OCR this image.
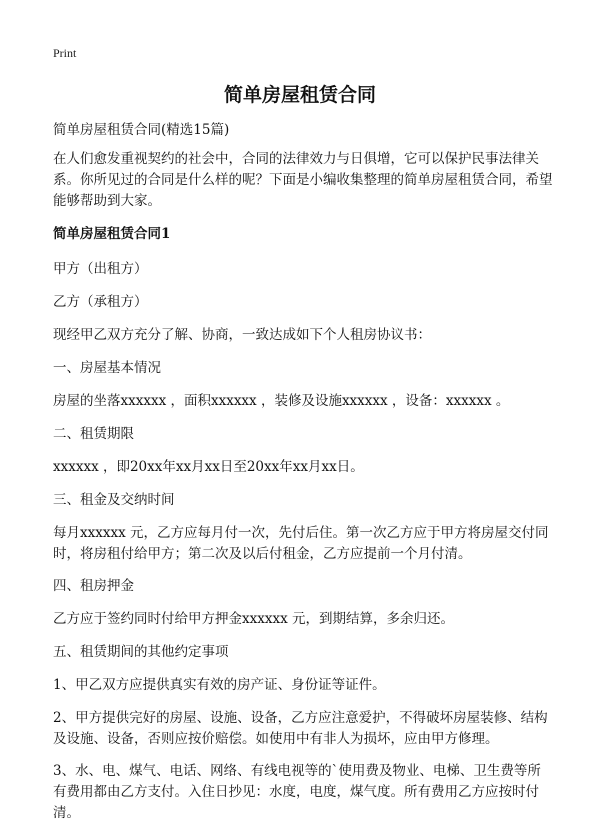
Print
简单房屋租赁合同

简单房屋租赁合同(精选15篇)

在人们愈发重视契约的社会中，合同的法律效力与日俱增，它可以保护民事法律关系。你所见过的合同是什么样的呢？下面是小编收集整理的简单房屋租赁合同，希望能够帮助到大家。

简单房屋租赁合同1

甲方（出租方）

乙方（承租方）

现经甲乙双方充分了解、协商，一致达成如下个人租房协议书：

一、房屋基本情况

房屋的坐落xxxxxx ，面积xxxxxx ，装修及设施xxxxxx ，设备：xxxxxx 。

二、租赁期限

xxxxxx ，即20xx年xx月xx日至20xx年xx月xx日。

三、租金及交纳时间

每月xxxxxx 元，乙方应每月付一次，先付后住。第一次乙方应于甲方将房屋交付同时，将房租付给甲方；第二次及以后付租金，乙方应提前一个月付清。

四、租房押金

乙方应于签约同时付给甲方押金xxxxxx 元，到期结算，多余归还。

五、租赁期间的其他约定事项

1、甲乙双方应提供真实有效的房产证、身份证等证件。

2、甲方提供完好的房屋、设施、设备，乙方应注意爱护，不得破坏房屋装修、结构及设施、设备，否则应按价赔偿。如使用中有非人为损坏，应由甲方修理。

3、水、电、煤气、电话、网络、有线电视等的`使用费及物业、电梯、卫生费等所有费用都由乙方支付。入住日抄见：水度，电度，煤气度。所有费用乙方应按时付清。
